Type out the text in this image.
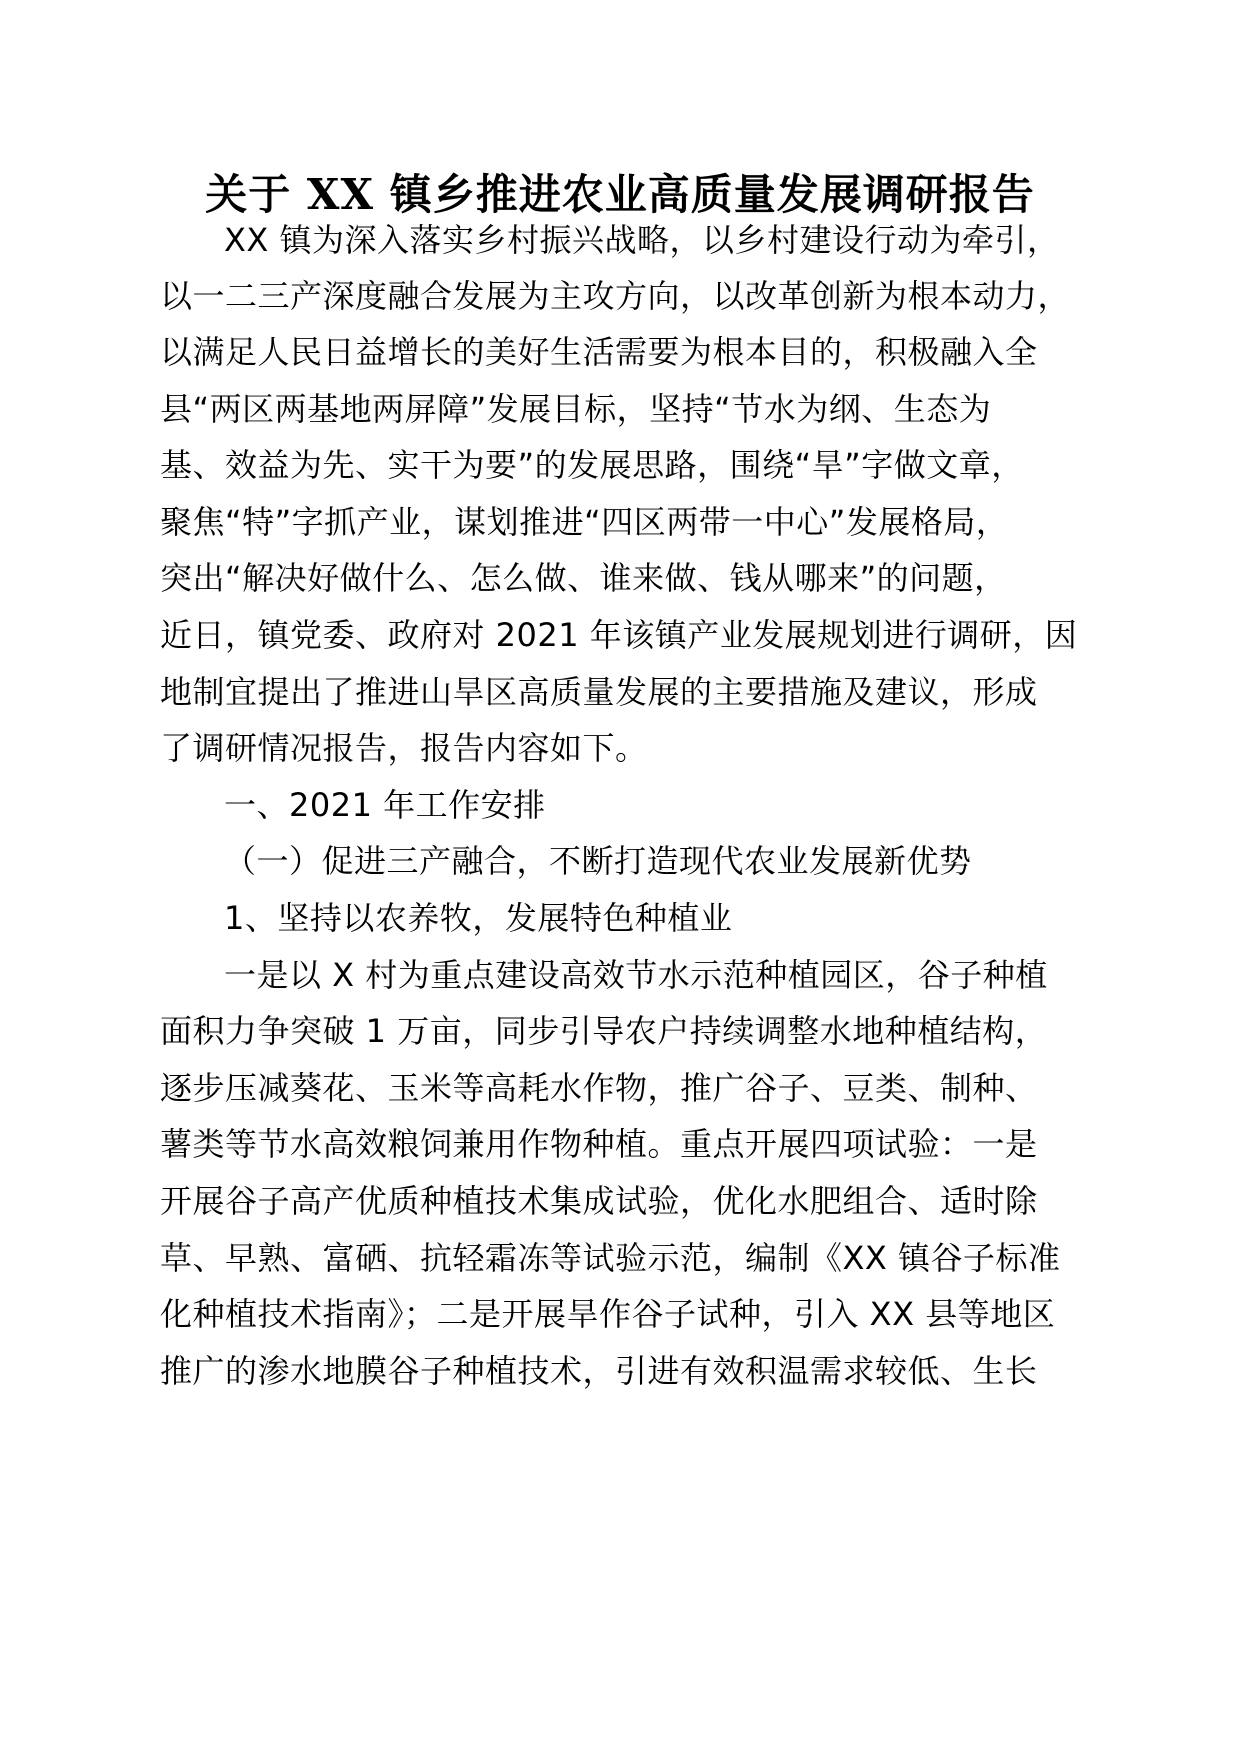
关于 XX 镇乡推进农业高质量发展调研报告
XX 镇为深入落实乡村振兴战略，以乡村建设行动为牵引，
以一二三产深度融合发展为主攻方向，以改革创新为根本动力，
以满足人民日益增长的美好生活需要为根本目的，积极融入全
县“两区两基地两屏障”发展目标，坚持“节水为纲、生态为
基、效益为先、实干为要”的发展思路，围绕“旱”字做文章，
聚焦“特”字抓产业，谋划推进“四区两带一中心”发展格局，
突出“解决好做什么、怎么做、谁来做、钱从哪来”的问题，
近日，镇党委、政府对 2021 年该镇产业发展规划进行调研，因
地制宜提出了推进山旱区高质量发展的主要措施及建议，形成
了调研情况报告，报告内容如下。
一、2021 年工作安排
（一）促进三产融合，不断打造现代农业发展新优势
1、坚持以农养牧，发展特色种植业
一是以 X 村为重点建设高效节水示范种植园区，谷子种植
面积力争突破 1 万亩，同步引导农户持续调整水地种植结构，
逐步压减葵花、玉米等高耗水作物，推广谷子、豆类、制种、
薯类等节水高效粮饲兼用作物种植。重点开展四项试验：一是
开展谷子高产优质种植技术集成试验，优化水肥组合、适时除
草、早熟、富硒、抗轻霜冻等试验示范，编制《XX 镇谷子标准
化种植技术指南》；二是开展旱作谷子试种，引入 XX 县等地区
推广的渗水地膜谷子种植技术，引进有效积温需求较低、生长
